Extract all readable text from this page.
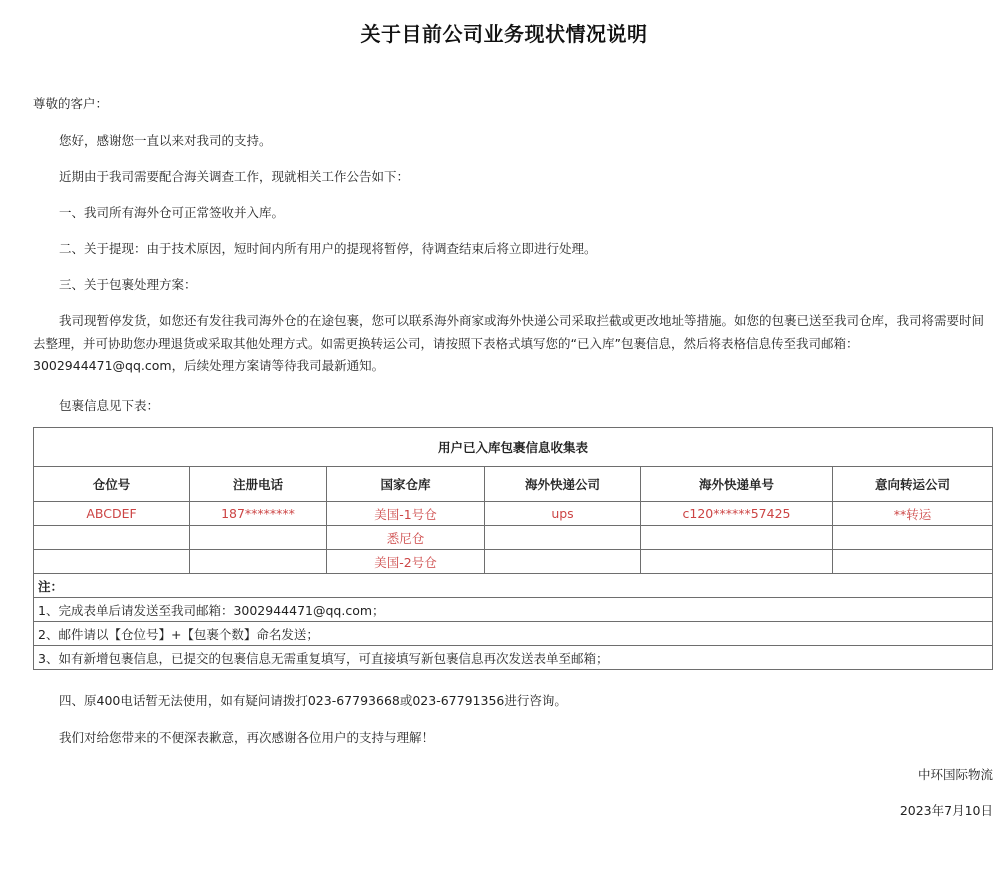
关于目前公司业务现状情况说明

尊敬的客户：

您好，感谢您一直以来对我司的支持。

近期由于我司需要配合海关调查工作，现就相关工作公告如下：

一、我司所有海外仓可正常签收并入库。

二、关于提现：由于技术原因，短时间内所有用户的提现将暂停，待调查结束后将立即进行处理。

三、关于包裹处理方案：

我司现暂停发货，如您还有发往我司海外仓的在途包裹，您可以联系海外商家或海外快递公司采取拦截或更改地址等措施。如您的包裹已送至我司仓库，我司将需要时间去整理，并可协助您办理退货或采取其他处理方式。如需更换转运公司，请按照下表格式填写您的“已入库”包裹信息，然后将表格信息传至我司邮箱：3002944471@qq.com，后续处理方案请等待我司最新通知。

包裹信息见下表：

用户已入库包裹信息收集表					
仓位号	注册电话	国家仓库	海外快递公司	海外快递单号	意向转运公司
ABCDEF	187********	美国-1号仓	ups	c120******57425	**转运
		悉尼仓			
		美国-2号仓			
注：					
1、完成表单后请发送至我司邮箱：3002944471@qq.com；					
2、邮件请以【仓位号】+【包裹个数】命名发送；					
3、如有新增包裹信息，已提交的包裹信息无需重复填写，可直接填写新包裹信息再次发送表单至邮箱；					

四、原400电话暂无法使用，如有疑问请拨打023-67793668或023-67791356进行咨询。

我们对给您带来的不便深表歉意，再次感谢各位用户的支持与理解！

中环国际物流
2023年7月10日
